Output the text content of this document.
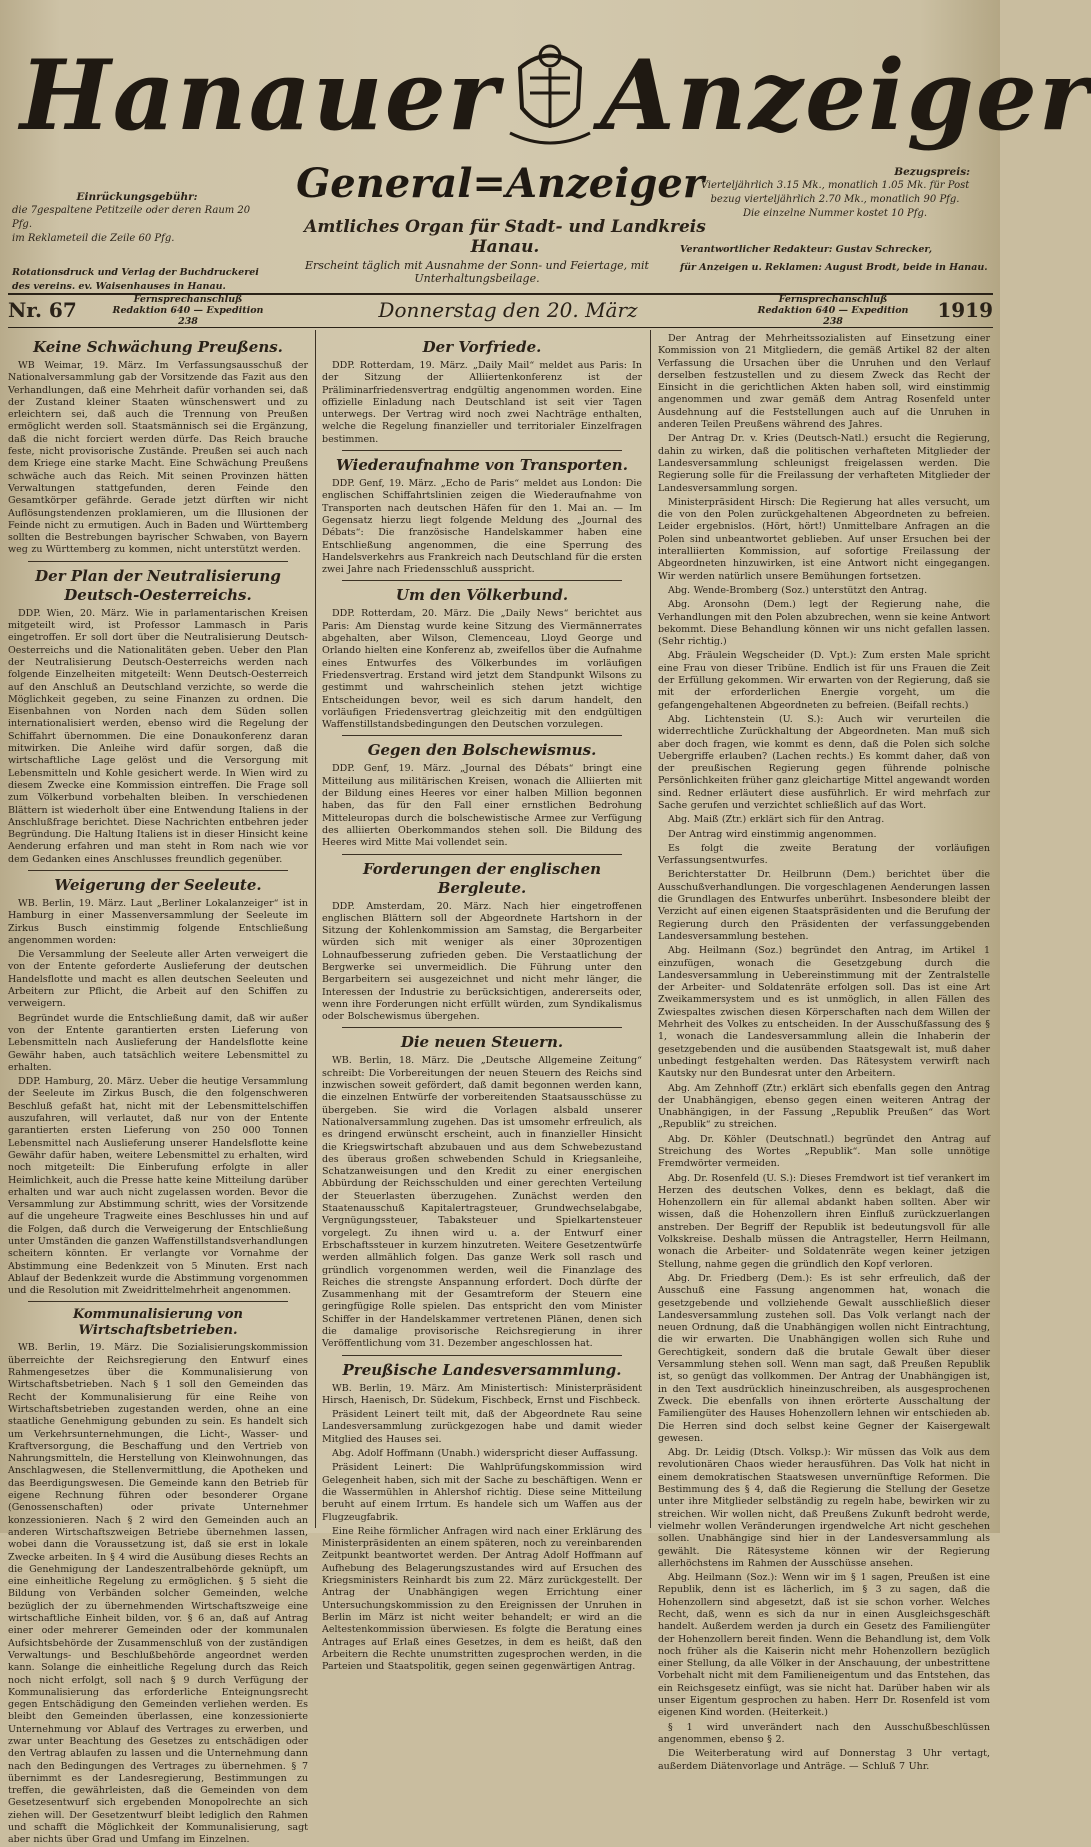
Hanauer Anzeiger
General=Anzeiger
Amtliches Organ für Stadt- und Landkreis Hanau.
Erscheint täglich mit Ausnahme der Sonn- und Feiertage, mit Unterhaltungsbeilage.
Einrückungsgebühr:

die 7gespaltene Petitzeile oder deren Raum 20 Pfg.

im Reklameteil die Zeile 60 Pfg.

Rotationsdruck und Verlag der Buchdruckerei des vereins. ev. Waisenhauses in Hanau.

Bezugspreis:
Vierteljährlich 3.15 Mk., monatlich 1.05 Mk. für Post
bezug vierteljährlich 2.70 Mk., monatlich 90 Pfg.
Die einzelne Nummer kostet 10 Pfg.
Verantwortlicher Redakteur: Gustav Schrecker,
für Anzeigen u. Reklamen: August Brodt, beide in Hanau.
Nr. 67	Fernsprechanschluß
Redaktion 640 — Expedition 238	Donnerstag den 20. März	Fernsprechanschluß
Redaktion 640 — Expedition 238	1919
Keine Schwächung Preußens.

WB Weimar, 19. März. Im Verfassungsausschuß der Nationalversammlung gab der Vorsitzende das Fazit aus den Verhandlungen, daß eine Mehrheit dafür vorhanden sei, daß der Zustand kleiner Staaten wünschenswert und zu erleichtern sei, daß auch die Trennung von Preußen ermöglicht werden soll. Staatsmännisch sei die Ergänzung, daß die nicht forciert werden dürfe. Das Reich brauche feste, nicht provisorische Zustände. Preußen sei auch nach dem Kriege eine starke Macht. Eine Schwächung Preußens schwäche auch das Reich. Mit seinen Provinzen hätten Verwaltungen stattgefunden, deren Feinde den Gesamtkörper gefährde. Gerade jetzt dürften wir nicht Auflösungstendenzen proklamieren, um die Illusionen der Feinde nicht zu ermutigen. Auch in Baden und Württemberg sollten die Bestrebungen bayrischer Schwaben, von Bayern weg zu Württemberg zu kommen, nicht unterstützt werden.

Der Plan der Neutralisierung Deutsch-Oesterreichs.

DDP. Wien, 20. März. Wie in parlamentarischen Kreisen mitgeteilt wird, ist Professor Lammasch in Paris eingetroffen. Er soll dort über die Neutralisierung Deutsch-Oesterreichs und die Nationalitäten geben. Ueber den Plan der Neutralisierung Deutsch-Oesterreichs werden nach folgende Einzelheiten mitgeteilt: Wenn Deutsch-Oesterreich auf den Anschluß an Deutschland verzichte, so werde die Möglichkeit gegeben, zu seine Finanzen zu ordnen. Die Eisenbahnen von Norden nach dem Süden sollen internationalisiert werden, ebenso wird die Regelung der Schiffahrt übernommen. Die eine Donaukonferenz daran mitwirken. Die Anleihe wird dafür sorgen, daß die wirtschaftliche Lage gelöst und die Versorgung mit Lebensmitteln und Kohle gesichert werde. In Wien wird zu diesem Zwecke eine Kommission eintreffen. Die Frage soll zum Völkerbund vorbehalten bleiben. In verschiedenen Blättern ist wiederholt über eine Entwendung Italiens in der Anschlußfrage berichtet. Diese Nachrichten entbehren jeder Begründung. Die Haltung Italiens ist in dieser Hinsicht keine Aenderung erfahren und man steht in Rom nach wie vor dem Gedanken eines Anschlusses freundlich gegenüber.

Weigerung der Seeleute.

WB. Berlin, 19. März. Laut „Berliner Lokalanzeiger“ ist in Hamburg in einer Massenversammlung der Seeleute im Zirkus Busch einstimmig folgende Entschließung angenommen worden:

Die Versammlung der Seeleute aller Arten verweigert die von der Entente geforderte Auslieferung der deutschen Handelsflotte und macht es allen deutschen Seeleuten und Arbeitern zur Pflicht, die Arbeit auf den Schiffen zu verweigern.

Begründet wurde die Entschließung damit, daß wir außer von der Entente garantierten ersten Lieferung von Lebensmitteln nach Auslieferung der Handelsflotte keine Gewähr haben, auch tatsächlich weitere Lebensmittel zu erhalten.

DDP. Hamburg, 20. März. Ueber die heutige Versammlung der Seeleute im Zirkus Busch, die den folgenschweren Beschluß gefaßt hat, nicht mit der Lebensmittelschiffen auszufahren, will verlautet, daß nur von der Entente garantierten ersten Lieferung von 250 000 Tonnen Lebensmittel nach Auslieferung unserer Handelsflotte keine Gewähr dafür haben, weitere Lebensmittel zu erhalten, wird noch mitgeteilt: Die Einberufung erfolgte in aller Heimlichkeit, auch die Presse hatte keine Mitteilung darüber erhalten und war auch nicht zugelassen worden. Bevor die Versammlung zur Abstimmung schritt, wies der Vorsitzende auf die ungeheure Tragweite eines Beschlusses hin und auf die Folgen, daß durch die Verweigerung der Entschließung unter Umständen die ganzen Waffenstillstandsverhandlungen scheitern könnten. Er verlangte vor Vornahme der Abstimmung eine Bedenkzeit von 5 Minuten. Erst nach Ablauf der Bedenkzeit wurde die Abstimmung vorgenommen und die Resolution mit Zweidrittelmehrheit angenommen.

Kommunalisierung von Wirtschaftsbetrieben.

WB. Berlin, 19. März. Die Sozialisierungskommission überreichte der Reichsregierung den Entwurf eines Rahmengesetzes über die Kommunalisierung von Wirtschaftsbetrieben. Nach § 1 soll den Gemeinden das Recht der Kommunalisierung für eine Reihe von Wirtschaftsbetrieben zugestanden werden, ohne an eine staatliche Genehmigung gebunden zu sein. Es handelt sich um Verkehrsunternehmungen, die Licht-, Wasser- und Kraftversorgung, die Beschaffung und den Vertrieb von Nahrungsmitteln, die Herstellung von Kleinwohnungen, das Anschlagwesen, die Stellenvermittlung, die Apotheken und das Beerdigungswesen. Die Gemeinde kann den Betrieb für eigene Rechnung führen oder besonderer Organe (Genossenschaften) oder private Unternehmer konzessionieren. Nach § 2 wird den Gemeinden auch an anderen Wirtschaftszweigen Betriebe übernehmen lassen, wobei dann die Voraussetzung ist, daß sie erst in lokale Zwecke arbeiten. In § 4 wird die Ausübung dieses Rechts an die Genehmigung der Landeszentralbehörde geknüpft, um eine einheitliche Regelung zu ermöglichen. § 5 sieht die Bildung von Verbänden solcher Gemeinden, welche bezüglich der zu übernehmenden Wirtschaftszweige eine wirtschaftliche Einheit bilden, vor. § 6 an, daß auf Antrag einer oder mehrerer Gemeinden oder der kommunalen Aufsichtsbehörde der Zusammenschluß von der zuständigen Verwaltungs- und Beschlußbehörde angeordnet werden kann. Solange die einheitliche Regelung durch das Reich noch nicht erfolgt, soll nach § 9 durch Verfügung der Kommunalisierung das erforderliche Enteignungsrecht gegen Entschädigung den Gemeinden verliehen werden. Es bleibt den Gemeinden überlassen, eine konzessionierte Unternehmung vor Ablauf des Vertrages zu erwerben, und zwar unter Beachtung des Gesetzes zu entschädigen oder den Vertrag ablaufen zu lassen und die Unternehmung dann nach den Bedingungen des Vertrages zu übernehmen. § 7 übernimmt es der Landesregierung, Bestimmungen zu treffen, die gewährleisten, daß die Gemeinden von dem Gesetzesentwurf sich ergebenden Monopolrechte an sich ziehen will. Der Gesetzentwurf bleibt lediglich den Rahmen und schafft die Möglichkeit der Kommunalisierung, sagt aber nichts über Grad und Umfang im Einzelnen.

Der Vorfriede.

DDP. Rotterdam, 19. März. „Daily Mail“ meldet aus Paris: In der Sitzung der Alliiertenkonferenz ist der Präliminarfriedensvertrag endgültig angenommen worden. Eine offizielle Einladung nach Deutschland ist seit vier Tagen unterwegs. Der Vertrag wird noch zwei Nachträge enthalten, welche die Regelung finanzieller und territorialer Einzelfragen bestimmen.

Wiederaufnahme von Transporten.

DDP. Genf, 19. März. „Echo de Paris“ meldet aus London: Die englischen Schiffahrtslinien zeigen die Wiederaufnahme von Transporten nach deutschen Häfen für den 1. Mai an. — Im Gegensatz hierzu liegt folgende Meldung des „Journal des Débats“: Die französische Handelskammer haben eine Entschließung angenommen, die eine Sperrung des Handelsverkehrs aus Frankreich nach Deutschland für die ersten zwei Jahre nach Friedensschluß ausspricht.

Um den Völkerbund.

DDP. Rotterdam, 20. März. Die „Daily News“ berichtet aus Paris: Am Dienstag wurde keine Sitzung des Viermännerrates abgehalten, aber Wilson, Clemenceau, Lloyd George und Orlando hielten eine Konferenz ab, zweifellos über die Aufnahme eines Entwurfes des Völkerbundes im vorläufigen Friedensvertrag. Erstand wird jetzt dem Standpunkt Wilsons zu gestimmt und wahrscheinlich stehen jetzt wichtige Entscheidungen bevor, weil es sich darum handelt, den vorläufigen Friedensvertrag gleichzeitig mit den endgültigen Waffenstillstandsbedingungen den Deutschen vorzulegen.

Gegen den Bolschewismus.

DDP. Genf, 19. März. „Journal des Débats“ bringt eine Mitteilung aus militärischen Kreisen, wonach die Alliierten mit der Bildung eines Heeres vor einer halben Million begonnen haben, das für den Fall einer ernstlichen Bedrohung Mitteleuropas durch die bolschewistische Armee zur Verfügung des alliierten Oberkommandos stehen soll. Die Bildung des Heeres wird Mitte Mai vollendet sein.

Forderungen der englischen Bergleute.

DDP. Amsterdam, 20. März. Nach hier eingetroffenen englischen Blättern soll der Abgeordnete Hartshorn in der Sitzung der Kohlenkommission am Samstag, die Bergarbeiter würden sich mit weniger als einer 30prozentigen Lohnaufbesserung zufrieden geben. Die Verstaatlichung der Bergwerke sei unvermeidlich. Die Führung unter den Bergarbeitern sei ausgezeichnet und nicht mehr länger, die Interessen der Industrie zu berücksichtigen, andererseits oder, wenn ihre Forderungen nicht erfüllt würden, zum Syndikalismus oder Bolschewismus übergehen.

Die neuen Steuern.

WB. Berlin, 18. März. Die „Deutsche Allgemeine Zeitung“ schreibt: Die Vorbereitungen der neuen Steuern des Reichs sind inzwischen soweit gefördert, daß damit begonnen werden kann, die einzelnen Entwürfe der vorbereitenden Staatsausschüsse zu übergeben. Sie wird die Vorlagen alsbald unserer Nationalversammlung zugehen. Das ist umsomehr erfreulich, als es dringend erwünscht erscheint, auch in finanzieller Hinsicht die Kriegswirtschaft abzubauen und aus dem Schwebezustand des überaus großen schwebenden Schuld in Kriegsanleihe, Schatzanweisungen und den Kredit zu einer energischen Abbürdung der Reichsschulden und einer gerechten Verteilung der Steuerlasten überzugehen. Zunächst werden den Staatenausschuß Kapitalertragsteuer, Grundwechselabgabe, Vergnügungssteuer, Tabaksteuer und Spielkartensteuer vorgelegt. Zu ihnen wird u. a. der Entwurf einer Erbschaftssteuer in kurzem hinzutreten. Weitere Gesetzentwürfe werden allmählich folgen. Das ganze Werk soll rasch und gründlich vorgenommen werden, weil die Finanzlage des Reiches die strengste Anspannung erfordert. Doch dürfte der Zusammenhang mit der Gesamtreform der Steuern eine geringfügige Rolle spielen. Das entspricht den vom Minister Schiffer in der Handelskammer vertretenen Plänen, denen sich die damalige provisorische Reichsregierung in ihrer Veröffentlichung vom 31. Dezember angeschlossen hat.

Preußische Landesversammlung.

WB. Berlin, 19. März. Am Ministertisch: Ministerpräsident Hirsch, Haenisch, Dr. Südekum, Fischbeck, Ernst und Fischbeck.

Präsident Leinert teilt mit, daß der Abgeordnete Rau seine Landesversammlung zurückgezogen habe und damit wieder Mitglied des Hauses sei.

Abg. Adolf Hoffmann (Unabh.) widerspricht dieser Auffassung.

Präsident Leinert: Die Wahlprüfungskommission wird Gelegenheit haben, sich mit der Sache zu beschäftigen. Wenn er die Wassermühlen in Ahlershof richtig. Diese seine Mitteilung beruht auf einem Irrtum. Es handele sich um Waffen aus der Flugzeugfabrik.

Eine Reihe förmlicher Anfragen wird nach einer Erklärung des Ministerpräsidenten an einem späteren, noch zu vereinbarenden Zeitpunkt beantwortet werden. Der Antrag Adolf Hoffmann auf Aufhebung des Belagerungszustandes wird auf Ersuchen des Kriegsministers Reinhardt bis zum 22. März zurückgestellt. Der Antrag der Unabhängigen wegen Errichtung einer Untersuchungskommission zu den Ereignissen der Unruhen in Berlin im März ist nicht weiter behandelt; er wird an die Aeltestenkommission überwiesen. Es folgte die Beratung eines Antrages auf Erlaß eines Gesetzes, in dem es heißt, daß den Arbeitern die Rechte unumstritten zugesprochen werden, in die Parteien und Staatspolitik, gegen seinen gegenwärtigen Antrag.

Der Antrag der Mehrheitssozialisten auf Einsetzung einer Kommission von 21 Mitgliedern, die gemäß Artikel 82 der alten Verfassung die Ursachen über die Unruhen und den Verlauf derselben festzustellen und zu diesem Zweck das Recht der Einsicht in die gerichtlichen Akten haben soll, wird einstimmig angenommen und zwar gemäß dem Antrag Rosenfeld unter Ausdehnung auf die Feststellungen auch auf die Unruhen in anderen Teilen Preußens während des Jahres.

Der Antrag Dr. v. Kries (Deutsch-Natl.) ersucht die Regierung, dahin zu wirken, daß die politischen verhafteten Mitglieder der Landesversammlung schleunigst freigelassen werden. Die Regierung solle für die Freilassung der verhafteten Mitglieder der Landesversammlung sorgen.

Ministerpräsident Hirsch: Die Regierung hat alles versucht, um die von den Polen zurückgehaltenen Abgeordneten zu befreien. Leider ergebnislos. (Hört, hört!) Unmittelbare Anfragen an die Polen sind unbeantwortet geblieben. Auf unser Ersuchen bei der interalliierten Kommission, auf sofortige Freilassung der Abgeordneten hinzuwirken, ist eine Antwort nicht eingegangen. Wir werden natürlich unsere Bemühungen fortsetzen.

Abg. Wende-Bromberg (Soz.) unterstützt den Antrag.

Abg. Aronsohn (Dem.) legt der Regierung nahe, die Verhandlungen mit den Polen abzubrechen, wenn sie keine Antwort bekommt. Diese Behandlung können wir uns nicht gefallen lassen. (Sehr richtig.)

Abg. Fräulein Wegscheider (D. Vpt.): Zum ersten Male spricht eine Frau von dieser Tribüne. Endlich ist für uns Frauen die Zeit der Erfüllung gekommen. Wir erwarten von der Regierung, daß sie mit der erforderlichen Energie vorgeht, um die gefangengehaltenen Abgeordneten zu befreien. (Beifall rechts.)

Abg. Lichtenstein (U. S.): Auch wir verurteilen die widerrechtliche Zurückhaltung der Abgeordneten. Man muß sich aber doch fragen, wie kommt es denn, daß die Polen sich solche Uebergriffe erlauben? (Lachen rechts.) Es kommt daher, daß von der preußischen Regierung gegen führende polnische Persönlichkeiten früher ganz gleichartige Mittel angewandt worden sind. Redner erläutert diese ausführlich. Er wird mehrfach zur Sache gerufen und verzichtet schließlich auf das Wort.

Abg. Maiß (Ztr.) erklärt sich für den Antrag.

Der Antrag wird einstimmig angenommen.

Es folgt die zweite Beratung der vorläufigen Verfassungsentwurfes.

Berichterstatter Dr. Heilbrunn (Dem.) berichtet über die Ausschußverhandlungen. Die vorgeschlagenen Aenderungen lassen die Grundlagen des Entwurfes unberührt. Insbesondere bleibt der Verzicht auf einen eigenen Staatspräsidenten und die Berufung der Regierung durch den Präsidenten der verfassunggebenden Landesversammlung bestehen.

Abg. Heilmann (Soz.) begründet den Antrag, im Artikel 1 einzufügen, wonach die Gesetzgebung durch die Landesversammlung in Uebereinstimmung mit der Zentralstelle der Arbeiter- und Soldatenräte erfolgen soll. Das ist eine Art Zweikammersystem und es ist unmöglich, in allen Fällen des Zwiespaltes zwischen diesen Körperschaften nach dem Willen der Mehrheit des Volkes zu entscheiden. In der Ausschußfassung des § 1, wonach die Landesversammlung allein die Inhaberin der gesetzgebenden und die ausübenden Staatsgewalt ist, muß daher unbedingt festgehalten werden. Das Rätesystem verwirft nach Kautsky nur den Bundesrat unter den Arbeitern.

Abg. Am Zehnhoff (Ztr.) erklärt sich ebenfalls gegen den Antrag der Unabhängigen, ebenso gegen einen weiteren Antrag der Unabhängigen, in der Fassung „Republik Preußen“ das Wort „Republik“ zu streichen.

Abg. Dr. Köhler (Deutschnatl.) begründet den Antrag auf Streichung des Wortes „Republik“. Man solle unnötige Fremdwörter vermeiden.

Abg. Dr. Rosenfeld (U. S.): Dieses Fremdwort ist tief verankert im Herzen des deutschen Volkes, denn es beklagt, daß die Hohenzollern ein für allemal abdankt haben sollten. Aber wir wissen, daß die Hohenzollern ihren Einfluß zurückzuerlangen anstreben. Der Begriff der Republik ist bedeutungsvoll für alle Volkskreise. Deshalb müssen die Antragsteller, Herrn Heilmann, wonach die Arbeiter- und Soldatenräte wegen keiner jetzigen Stellung, nahme gegen die gründlich den Kopf verloren.

Abg. Dr. Friedberg (Dem.): Es ist sehr erfreulich, daß der Ausschuß eine Fassung angenommen hat, wonach die gesetzgebende und vollziehende Gewalt ausschließlich dieser Landesversammlung zustehen soll. Das Volk verlangt nach der neuen Ordnung, daß die Unabhängigen wollen nicht Eintrachtung, die wir erwarten. Die Unabhängigen wollen sich Ruhe und Gerechtigkeit, sondern daß die brutale Gewalt über dieser Versammlung stehen soll. Wenn man sagt, daß Preußen Republik ist, so genügt das vollkommen. Der Antrag der Unabhängigen ist, in den Text ausdrücklich hineinzuschreiben, als ausgesprochenen Zweck. Die ebenfalls von ihnen erörterte Ausschaltung der Familiengüter des Hauses Hohenzollern lehnen wir entschieden ab. Die Herren sind doch selbst keine Gegner der Kaisergewalt gewesen.

Abg. Dr. Leidig (Dtsch. Volksp.): Wir müssen das Volk aus dem revolutionären Chaos wieder herausführen. Das Volk hat nicht in einem demokratischen Staatswesen unvernünftige Reformen. Die Bestimmung des § 4, daß die Regierung die Stellung der Gesetze unter ihre Mitglieder selbständig zu regeln habe, bewirken wir zu streichen. Wir wollen nicht, daß Preußens Zukunft bedroht werde, vielmehr wollen Veränderungen irgendwelche Art nicht geschehen sollen. Unabhängige sind hier in der Landesversammlung als gewählt. Die Rätesysteme können wir der Regierung allerhöchstens im Rahmen der Ausschüsse ansehen.

Abg. Heilmann (Soz.): Wenn wir im § 1 sagen, Preußen ist eine Republik, denn ist es lächerlich, im § 3 zu sagen, daß die Hohenzollern sind abgesetzt, daß ist sie schon vorher. Welches Recht, daß, wenn es sich da nur in einen Ausgleichsgeschäft handelt. Außerdem werden ja durch ein Gesetz des Familiengüter der Hohenzollern bereit finden. Wenn die Behandlung ist, dem Volk noch früher als die Kaiserin nicht mehr Hohenzollern bezüglich einer Stellung, da alle Völker in der Anschauung, der unbestrittene Vorbehalt nicht mit dem Familieneigentum und das Entstehen, das ein Reichsgesetz einfügt, was sie nicht hat. Darüber haben wir als unser Eigentum gesprochen zu haben. Herr Dr. Rosenfeld ist vom eigenen Kind worden. (Heiterkeit.)

§ 1 wird unverändert nach den Ausschußbeschlüssen angenommen, ebenso § 2.

Die Weiterberatung wird auf Donnerstag 3 Uhr vertagt, außerdem Diätenvorlage und Anträge. — Schluß 7 Uhr.
